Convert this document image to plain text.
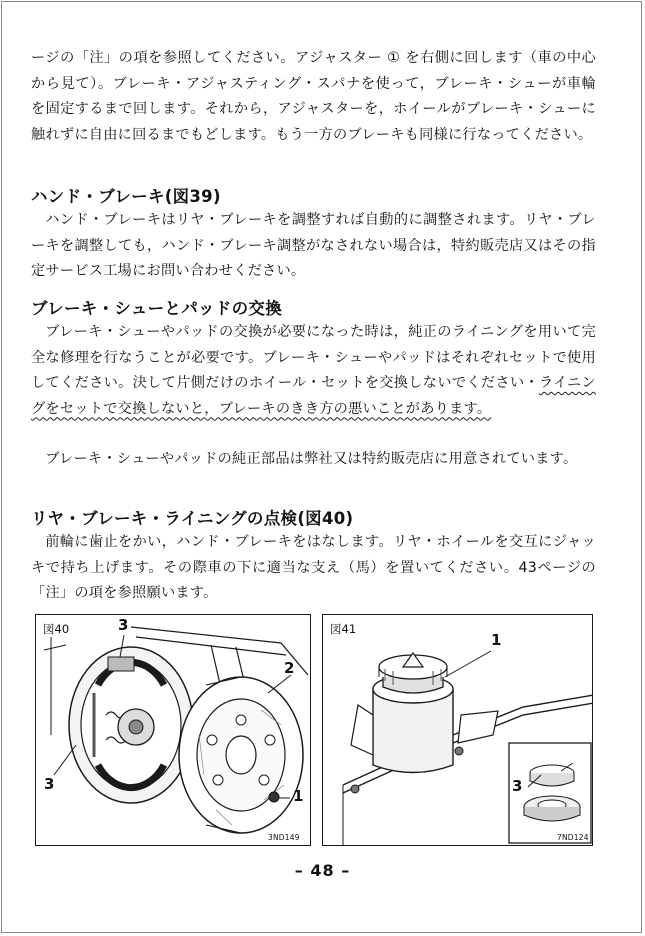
ージの「注」の項を参照してください。アジャスター ① を右側に回します（車の中心から見て）。ブレーキ・アジャスティング・スパナを使って，ブレーキ・シューが車輪を固定するまで回します。それから，アジャスターを，ホイールがブレーキ・シューに触れずに自由に回るまでもどします。もう一方のブレーキも同様に行なってください。

ハンド・ブレーキ(図39)

ハンド・ブレーキはリヤ・ブレーキを調整すれば自動的に調整されます。リヤ・ブレーキを調整しても，ハンド・ブレーキ調整がなされない場合は，特約販売店又はその指定サービス工場にお問い合わせください。

ブレーキ・シューとパッドの交換

ブレーキ・シューやパッドの交換が必要になった時は，純正のライニングを用いて完全な修理を行なうことが必要です。ブレーキ・シューやパッドはそれぞれセットで使用してください。決して片側だけのホイール・セットを交換しないでください・ライニングをセットで交換しないと，ブレーキのきき方の悪いことがあります。

ブレーキ・シューやパッドの純正部品は弊社又は特約販売店に用意されています。

リヤ・ブレーキ・ライニングの点検(図40)

前輪に歯止をかい，ハンド・ブレーキをはなします。リヤ・ホイールを交互にジャッキで持ち上げます。その際車の下に適当な支え（馬）を置いてください。43ページの「注」の項を参照願います。

図40	3
2
1
3
3ND149
図41
1
3
7ND124
– 48 –
